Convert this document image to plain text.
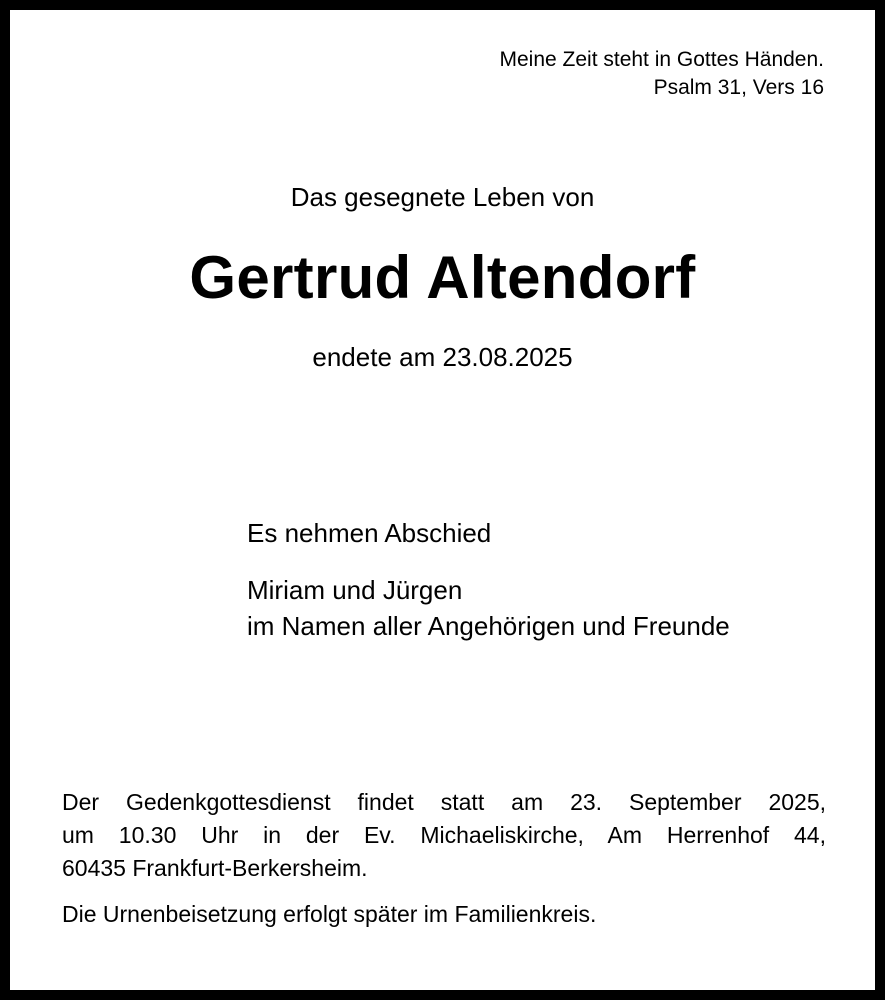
Meine Zeit steht in Gottes Händen.
Psalm 31, Vers 16
Das gesegnete Leben von
Gertrud Altendorf
endete am 23.08.2025
Es nehmen Abschied
Miriam und Jürgen
im Namen aller Angehörigen und Freunde
Der Gedenkgottesdienst findet statt am 23. September 2025,
um 10.30 Uhr in der Ev. Michaeliskirche, Am Herrenhof 44,
60435 Frankfurt-Berkersheim.
Die Urnenbeisetzung erfolgt später im Familienkreis.
